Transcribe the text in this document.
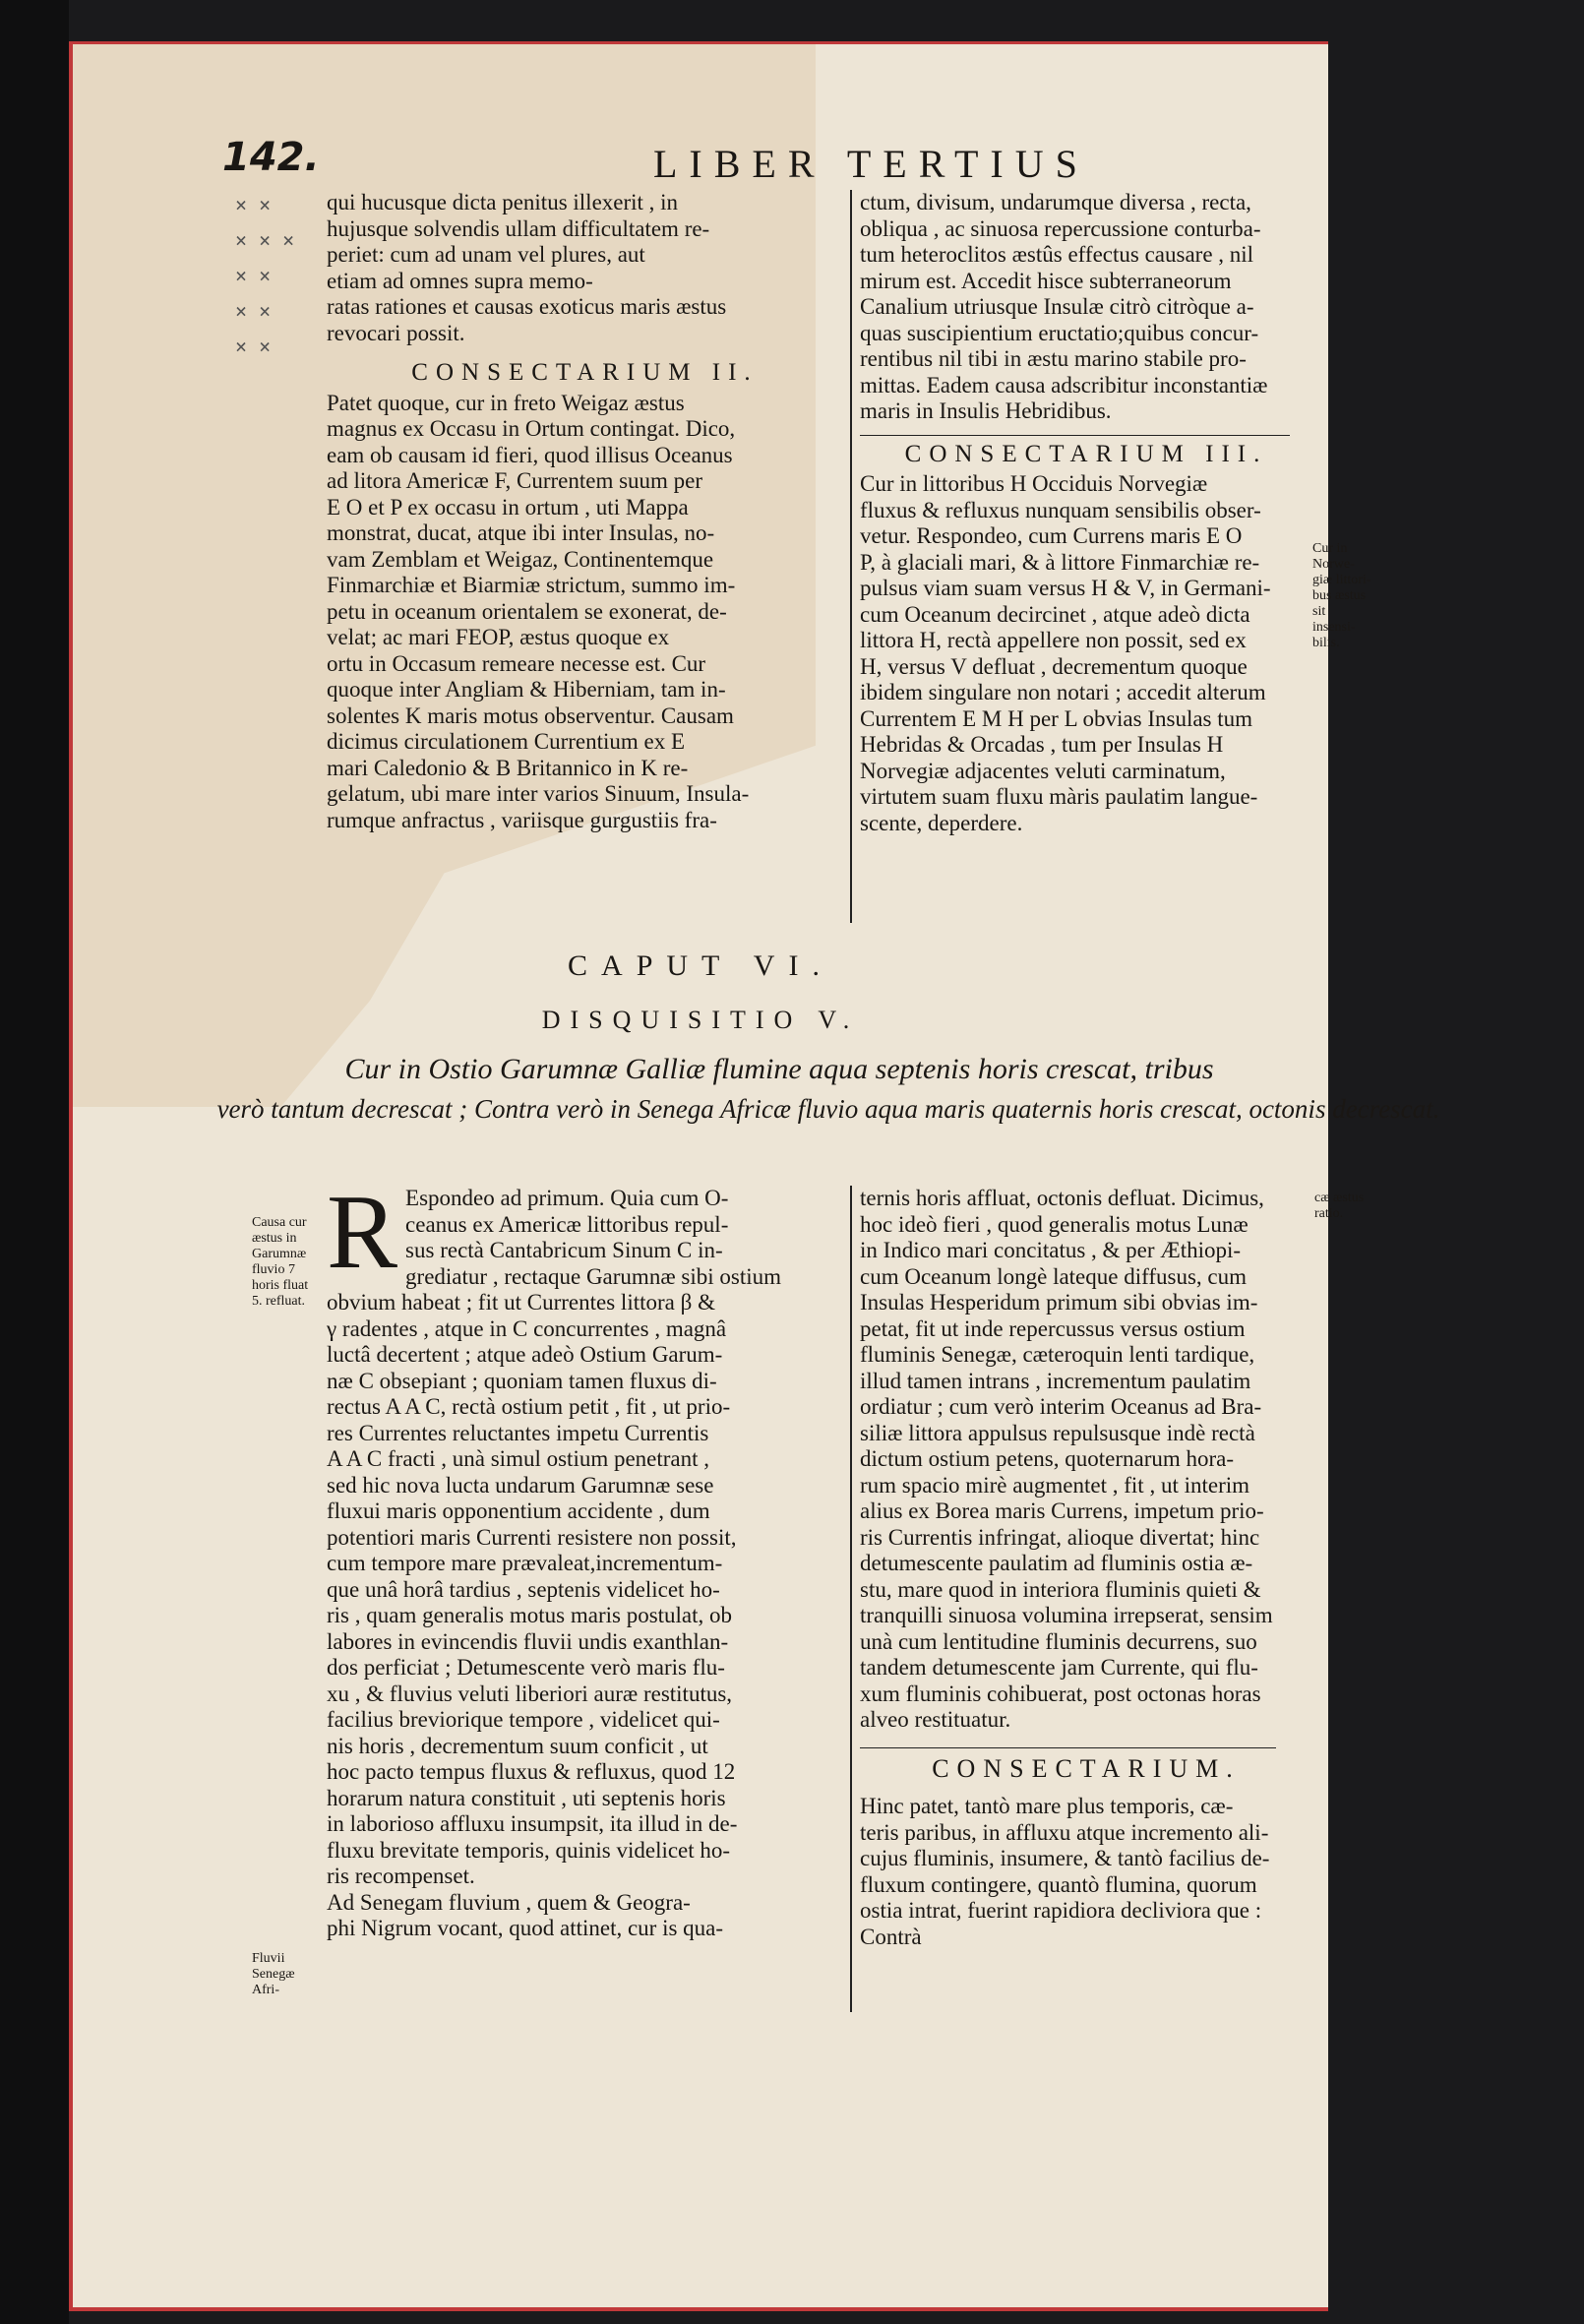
142.	LIBER TERTIUS
× ×
× × ×
× ×
× ×
× ×
qui hucusque dicta penitus illexerit , in
hujusque solvendis ullam difficultatem re-
periet: cum ad unam vel plures, aut
etiam ad omnes supra memo-
ratas rationes et causas exoticus maris æstus
revocari possit.
CONSECTARIUM II.
Patet quoque, cur in freto Weigaz æstus
magnus ex Occasu in Ortum contingat. Dico,
eam ob causam id fieri, quod illisus Oceanus
ad litora Americæ F, Currentem suum per
E O et P ex occasu in ortum , uti Mappa
monstrat, ducat, atque ibi inter Insulas, no-
vam Zemblam et Weigaz, Continentemque
Finmarchiæ et Biarmiæ strictum, summo im-
petu in oceanum orientalem se exonerat, de-
velat; ac mari FEOP, æstus quoque ex
ortu in Occasum remeare necesse est. Cur
quoque inter Angliam & Hiberniam, tam in-
solentes K maris motus observentur. Causam
dicimus circulationem Currentium ex E
mari Caledonio & B Britannico in K re-
gelatum, ubi mare inter varios Sinuum, Insula-
rumque anfractus , variisque gurgustiis fra-
ctum, divisum, undarumque diversa , recta,
obliqua , ac sinuosa repercussione conturba-
tum heteroclitos æstûs effectus causare , nil
mirum est. Accedit hisce subterraneorum
Canalium utriusque Insulæ citrò citròque a-
quas suscipientium eructatio;quibus concur-
rentibus nil tibi in æstu marino stabile pro-
mittas. Eadem causa adscribitur inconstantiæ
maris in Insulis Hebridibus.
CONSECTARIUM III.
Cur in littoribus H Occiduis Norvegiæ
fluxus & refluxus nunquam sensibilis obser-
vetur. Respondeo, cum Currens maris E O
P, à glaciali mari, & à littore Finmarchiæ re-
pulsus viam suam versus H & V, in Germani-
cum Oceanum decircinet , atque adeò dicta
littora H, rectà appellere non possit, sed ex
H, versus V defluat , decrementum quoque
ibidem singulare non notari ; accedit alterum
Currentem E M H per L obvias Insulas tum
Hebridas & Orcadas , tum per Insulas H
Norvegiæ adjacentes veluti carminatum,
virtutem suam fluxu màris paulatim langue-
scente, deperdere.
Cur in Norwe-giæ littori-bus æstus sit insensi-bilis.
CAPUT VI.
DISQUISITIO V.
Cur in Ostio Garumnæ Galliæ flumine aqua septenis horis crescat, tribus
verò tantum decrescat ; Contra verò in Senega Africæ fluvio aqua maris quaternis horis crescat, octonis decrescat.
R Espondeo ad primum. Quia cum O-
ceanus ex Americæ littoribus repul-
sus rectà Cantabricum Sinum C in-
grediatur , rectaque Garumnæ sibi ostium
obvium habeat ; fit ut Currentes littora β &
γ radentes , atque in C concurrentes , magnâ
luctâ decertent ; atque adeò Ostium Garum-
næ C obsepiant ; quoniam tamen fluxus di-
rectus A A C, rectà ostium petit , fit , ut prio-
res Currentes reluctantes impetu Currentis
A A C fracti , unà simul ostium penetrant ,
sed hic nova lucta undarum Garumnæ sese
fluxui maris opponentium accidente , dum
potentiori maris Currenti resistere non possit,
cum tempore mare prævaleat,incrementum-
que unâ horâ tardius , septenis videlicet ho-
ris , quam generalis motus maris postulat, ob
labores in evincendis fluvii undis exanthlan-
dos perficiat ; Detumescente verò maris flu-
xu , & fluvius veluti liberiori auræ restitutus,
facilius breviorique tempore , videlicet qui-
nis horis , decrementum suum conficit , ut
hoc pacto tempus fluxus & refluxus, quod 12
horarum natura constituit , uti septenis horis
in laborioso affluxu insumpsit, ita illud in de-
fluxu brevitate temporis, quinis videlicet ho-
ris recompenset.
Ad Senegam fluvium , quem & Geogra-
phi Nigrum vocant, quod attinet, cur is qua-
Causa cur æstus in Garumnæ fluvio 7 horis fluat 5. refluat.
Fluvii Senegæ Afri-
ternis horis affluat, octonis defluat. Dicimus,
hoc ideò fieri , quod generalis motus Lunæ
in Indico mari concitatus , & per Æthiopi-
cum Oceanum longè lateque diffusus, cum
Insulas Hesperidum primum sibi obvias im-
petat, fit ut inde repercussus versus ostium
fluminis Senegæ, cæteroquin lenti tardique,
illud tamen intrans , incrementum paulatim
ordiatur ; cum verò interim Oceanus ad Bra-
siliæ littora appulsus repulsusque indè rectà
dictum ostium petens, quoternarum hora-
rum spacio mirè augmentet , fit , ut interim
alius ex Borea maris Currens, impetum prio-
ris Currentis infringat, alioque divertat; hinc
detumescente paulatim ad fluminis ostia æ-
stu, mare quod in interiora fluminis quieti &
tranquilli sinuosa volumina irrepserat, sensim
unà cum lentitudine fluminis decurrens, suo
tandem detumescente jam Currente, qui flu-
xum fluminis cohibuerat, post octonas horas
alveo restituatur.
CONSECTARIUM.
Hinc patet, tantò mare plus temporis, cæ-
teris paribus, in affluxu atque incremento ali-
cujus fluminis, insumere, & tantò facilius de-
fluxum contingere, quantò flumina, quorum
ostia intrat, fuerint rapidiora decliviora que :
Contrà
cæ æstus ratio.
